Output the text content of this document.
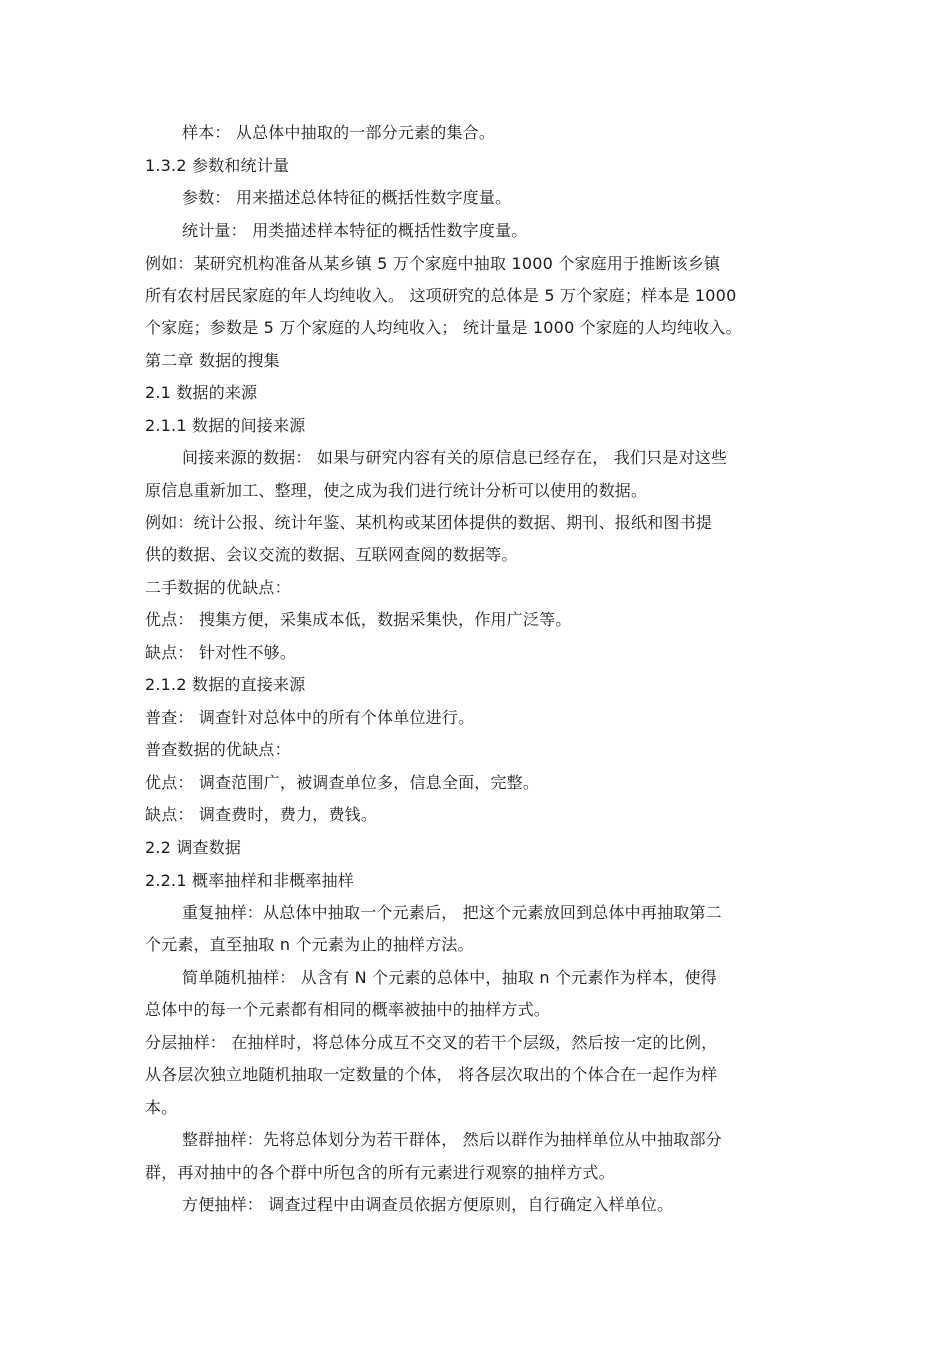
样本： 从总体中抽取的一部分元素的集合。
1.3.2 参数和统计量
参数： 用来描述总体特征的概括性数字度量。
统计量： 用类描述样本特征的概括性数字度量。
例如：某研究机构准备从某乡镇 5 万个家庭中抽取 1000 个家庭用于推断该乡镇
所有农村居民家庭的年人均纯收入。 这项研究的总体是 5 万个家庭；样本是 1000
个家庭；参数是 5 万个家庭的人均纯收入； 统计量是 1000 个家庭的人均纯收入。
第二章 数据的搜集
2.1 数据的来源
2.1.1 数据的间接来源
间接来源的数据： 如果与研究内容有关的原信息已经存在， 我们只是对这些
原信息重新加工、整理，使之成为我们进行统计分析可以使用的数据。
例如：统计公报、统计年鉴、某机构或某团体提供的数据、期刊、报纸和图书提
供的数据、会议交流的数据、互联网查阅的数据等。
二手数据的优缺点：
优点： 搜集方便，采集成本低，数据采集快，作用广泛等。
缺点： 针对性不够。
2.1.2 数据的直接来源
普查： 调查针对总体中的所有个体单位进行。
普查数据的优缺点：
优点： 调查范围广，被调查单位多，信息全面，完整。
缺点： 调查费时，费力，费钱。
2.2 调查数据
2.2.1 概率抽样和非概率抽样
重复抽样：从总体中抽取一个元素后， 把这个元素放回到总体中再抽取第二
个元素，直至抽取 n 个元素为止的抽样方法。
简单随机抽样： 从含有 N 个元素的总体中，抽取 n 个元素作为样本，使得
总体中的每一个元素都有相同的概率被抽中的抽样方式。
分层抽样： 在抽样时，将总体分成互不交叉的若干个层级，然后按一定的比例，
从各层次独立地随机抽取一定数量的个体， 将各层次取出的个体合在一起作为样
本。
整群抽样：先将总体划分为若干群体， 然后以群作为抽样单位从中抽取部分
群，再对抽中的各个群中所包含的所有元素进行观察的抽样方式。
方便抽样： 调查过程中由调查员依据方便原则，自行确定入样单位。
